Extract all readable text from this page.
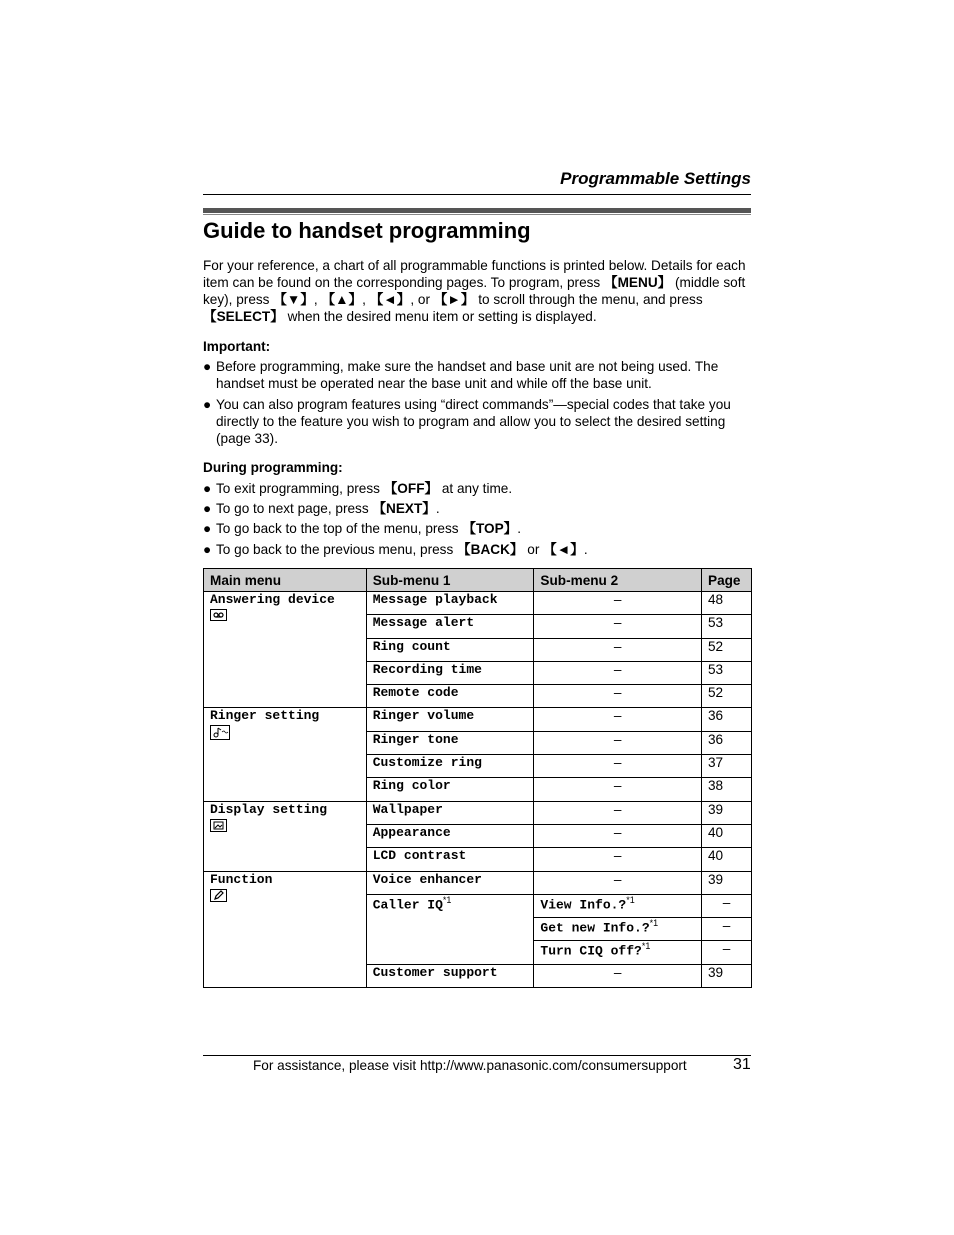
Programmable Settings
Guide to handset programming
For your reference, a chart of all programmable functions is printed below. Details for each item can be found on the corresponding pages. To program, press 【MENU】 (middle soft key), press 【▼】, 【▲】, 【◄】, or 【►】 to scroll through the menu, and press 【SELECT】 when the desired menu item or setting is displayed.
Important:
● Before programming, make sure the handset and base unit are not being used. The handset must be operated near the base unit and while off the base unit.
● You can also program features using “direct commands”—special codes that take you directly to the feature you wish to program and allow you to select the desired setting (page 33).
During programming:
● To exit programming, press 【OFF】 at any time.
● To go to next page, press 【NEXT】.
● To go back to the top of the menu, press 【TOP】.
● To go back to the previous menu, press 【BACK】 or 【◄】.
Main menu	Sub-menu 1	Sub-menu 2	Page

Answering device	Message playback	–	48
	Message alert	–	53
	Ring count	–	52
	Recording time	–	53
	Remote code	–	52

Ringer setting	Ringer volume	–	36
	Ringer tone	–	36
	Customize ring	–	37
	Ring color	–	38

Display setting	Wallpaper	–	39
	Appearance	–	40
	LCD contrast	–	40

Function	Voice enhancer	–	39
	Caller IQ$^{*1}$	View Info.?$^{*1}$	–
		Get new Info.?$^{*1}$	–
		Turn CIQ off?$^{*1}$	–
	Customer support	–	39
For assistance, please visit http://www.panasonic.com/consumersupport	31
